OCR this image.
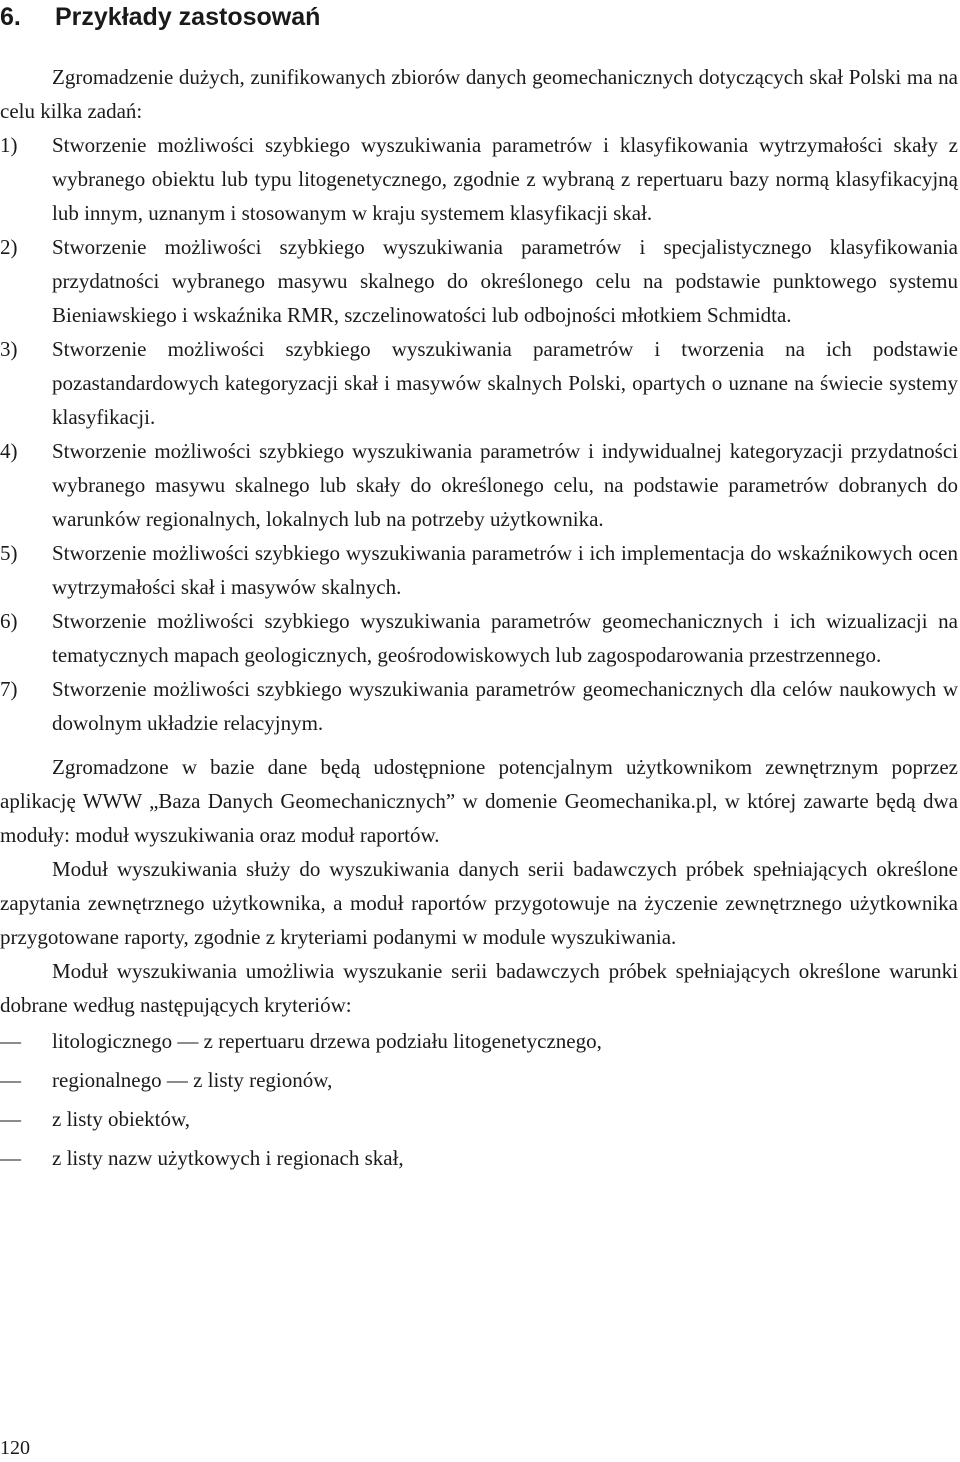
6. Przykłady zastosowań

Zgromadzenie dużych, zunifikowanych zbiorów danych geomechanicznych dotyczących skał Polski ma na celu kilka zadań:

1) Stworzenie możliwości szybkiego wyszukiwania parametrów i klasyfikowania wytrzymałości skały z wybranego obiektu lub typu litogenetycznego, zgodnie z wybraną z repertuaru bazy normą klasyfikacyjną lub innym, uznanym i stosowanym w kraju systemem klasyfikacji skał.
2) Stworzenie możliwości szybkiego wyszukiwania parametrów i specjalistycznego klasyfikowania przydatności wybranego masywu skalnego do określonego celu na podstawie punktowego systemu Bieniawskiego i wskaźnika RMR, szczelinowatości lub odbojności młotkiem Schmidta.
3) Stworzenie możliwości szybkiego wyszukiwania parametrów i tworzenia na ich podstawie pozastandardowych kategoryzacji skał i masywów skalnych Polski, opartych o uznane na świecie systemy klasyfikacji.
4) Stworzenie możliwości szybkiego wyszukiwania parametrów i indywidualnej kategoryzacji przydatności wybranego masywu skalnego lub skały do określonego celu, na podstawie parametrów dobranych do warunków regionalnych, lokalnych lub na potrzeby użytkownika.
5) Stworzenie możliwości szybkiego wyszukiwania parametrów i ich implementacja do wskaźnikowych ocen wytrzymałości skał i masywów skalnych.
6) Stworzenie możliwości szybkiego wyszukiwania parametrów geomechanicznych i ich wizualizacji na tematycznych mapach geologicznych, geośrodowiskowych lub zagospodarowania przestrzennego.
7) Stworzenie możliwości szybkiego wyszukiwania parametrów geomechanicznych dla celów naukowych w dowolnym układzie relacyjnym.

Zgromadzone w bazie dane będą udostępnione potencjalnym użytkownikom zewnętrznym poprzez aplikację WWW „Baza Danych Geomechanicznych” w domenie Geomechanika.pl, w której zawarte będą dwa moduły: moduł wyszukiwania oraz moduł raportów.

Moduł wyszukiwania służy do wyszukiwania danych serii badawczych próbek spełniających określone zapytania zewnętrznego użytkownika, a moduł raportów przygotowuje na życzenie zewnętrznego użytkownika przygotowane raporty, zgodnie z kryteriami podanymi w module wyszukiwania.

Moduł wyszukiwania umożliwia wyszukanie serii badawczych próbek spełniających określone warunki dobrane według następujących kryteriów:

— litologicznego — z repertuaru drzewa podziału litogenetycznego,
— regionalnego — z listy regionów,
— z listy obiektów,
— z listy nazw użytkowych i regionach skał,
120
